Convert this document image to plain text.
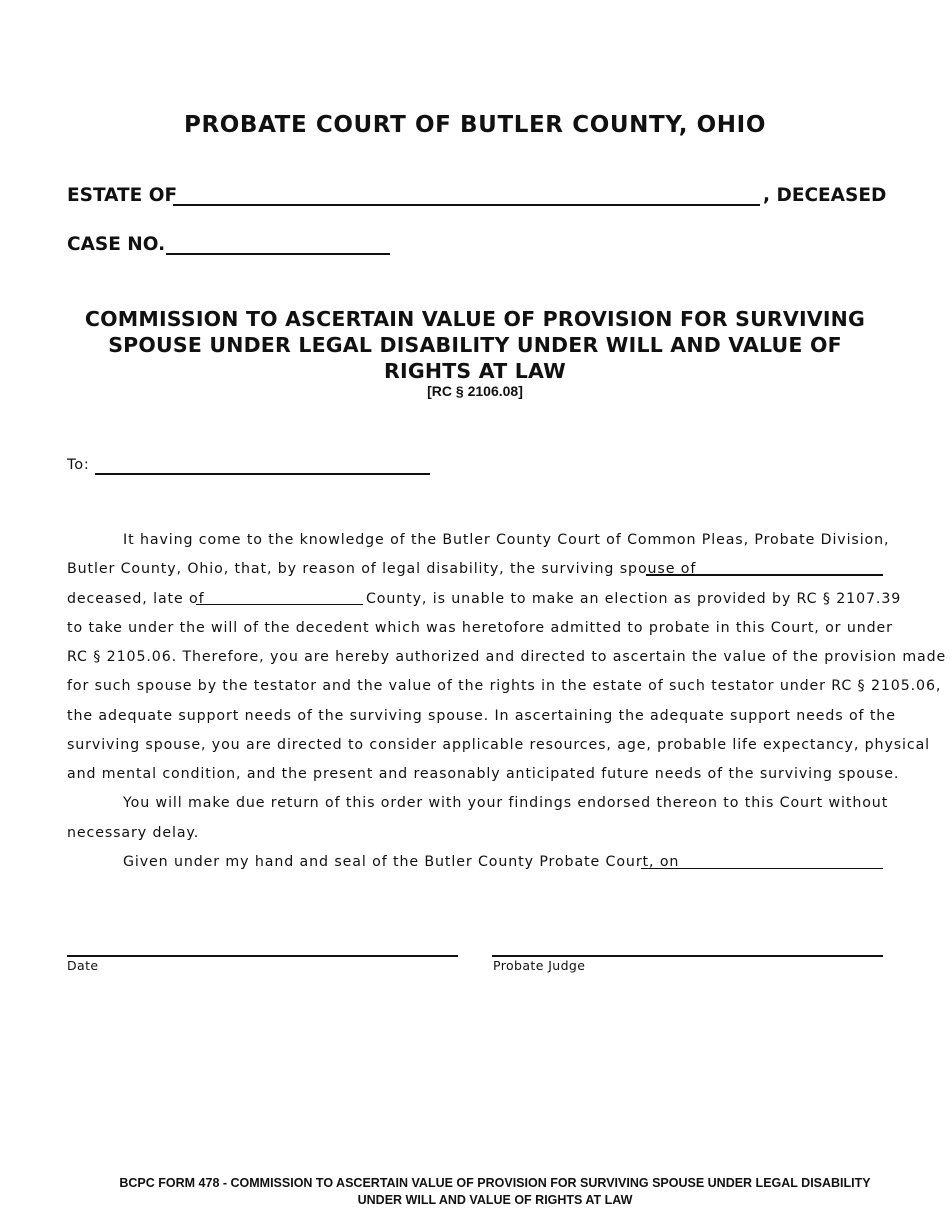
PROBATE COURT OF BUTLER COUNTY, OHIO
ESTATE OF	, DECEASED
CASE NO.
COMMISSION TO ASCERTAIN VALUE OF PROVISION FOR SURVIVING
SPOUSE UNDER LEGAL DISABILITY UNDER WILL AND VALUE OF
RIGHTS AT LAW
[RC § 2106.08]
To:
It having come to the knowledge of the Butler County Court of Common Pleas, Probate Division,
Butler County, Ohio, that, by reason of legal disability, the surviving spouse of
deceased, late of	County, is unable to make an election as provided by RC § 2107.39
to take under the will of the decedent which was heretofore admitted to probate in this Court, or under
RC § 2105.06. Therefore, you are hereby authorized and directed to ascertain the value of the provision made
for such spouse by the testator and the value of the rights in the estate of such testator under RC § 2105.06,
the adequate support needs of the surviving spouse. In ascertaining the adequate support needs of the
surviving spouse, you are directed to consider applicable resources, age, probable life expectancy, physical
and mental condition, and the present and reasonably anticipated future needs of the surviving spouse.
You will make due return of this order with your findings endorsed thereon to this Court without
necessary delay.
Given under my hand and seal of the Butler County Probate Court, on
Date	Probate Judge
BCPC FORM 478 - COMMISSION TO ASCERTAIN VALUE OF PROVISION FOR SURVIVING SPOUSE UNDER LEGAL DISABILITY
UNDER WILL AND VALUE OF RIGHTS AT LAW
